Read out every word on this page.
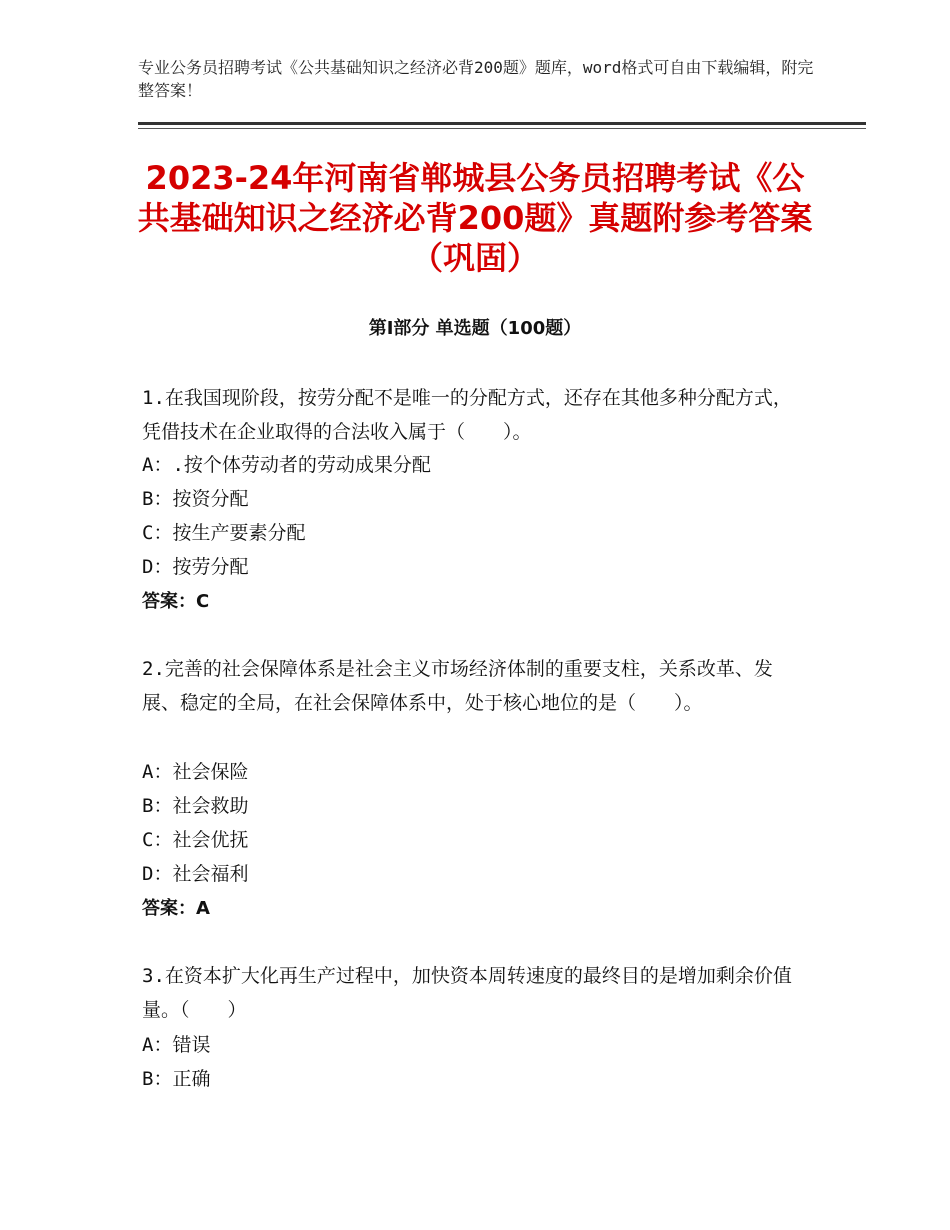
专业公务员招聘考试《公共基础知识之经济必背200题》题库，word格式可自由下载编辑，附完整答案！
2023-24年河南省郸城县公务员招聘考试《公共基础知识之经济必背200题》真题附参考答案（巩固）
第Ⅰ部分 单选题（100题）
1.在我国现阶段，按劳分配不是唯一的分配方式，还存在其他多种分配方式，凭借技术在企业取得的合法收入属于（　　）。
A：.按个体劳动者的劳动成果分配
B：按资分配
C：按生产要素分配
D：按劳分配
答案：C
2.完善的社会保障体系是社会主义市场经济体制的重要支柱，关系改革、发展、稳定的全局，在社会保障体系中，处于核心地位的是（　　）。
A：社会保险
B：社会救助
C：社会优抚
D：社会福利
答案：A
3.在资本扩大化再生产过程中，加快资本周转速度的最终目的是增加剩余价值量。（　　）
A：错误
B：正确
